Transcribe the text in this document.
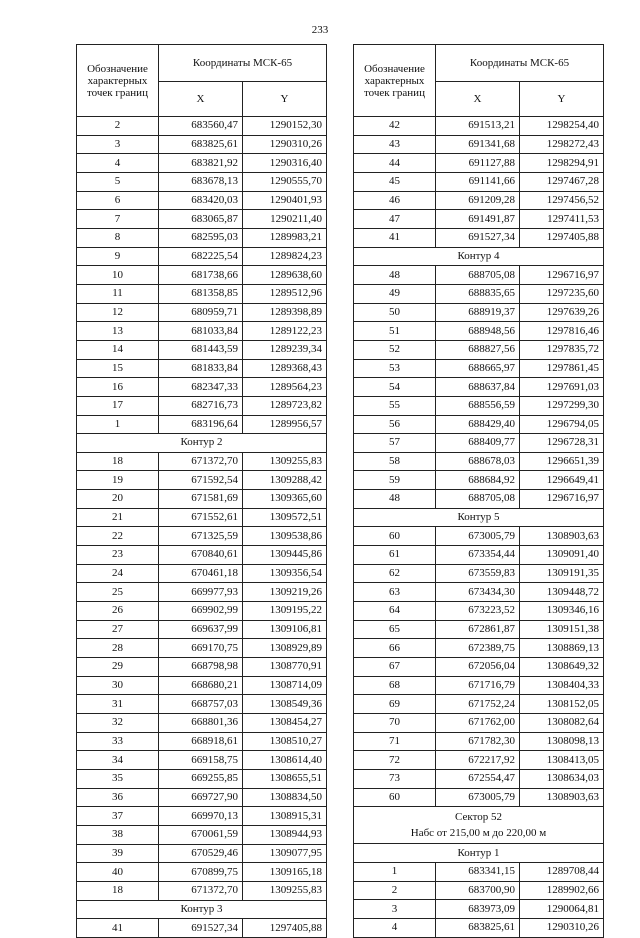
233
Обозначение характерных точек границ	Координаты МСК-65	
	X	Y
2	683560,47	1290152,30
3	683825,61	1290310,26
4	683821,92	1290316,40
5	683678,13	1290555,70
6	683420,03	1290401,93
7	683065,87	1290211,40
8	682595,03	1289983,21
9	682225,54	1289824,23
10	681738,66	1289638,60
11	681358,85	1289512,96
12	680959,71	1289398,89
13	681033,84	1289122,23
14	681443,59	1289239,34
15	681833,84	1289368,43
16	682347,33	1289564,23
17	682716,73	1289723,82
1	683196,64	1289956,57
Контур 2		
18	671372,70	1309255,83
19	671592,54	1309288,42
20	671581,69	1309365,60
21	671552,61	1309572,51
22	671325,59	1309538,86
23	670840,61	1309445,86
24	670461,18	1309356,54
25	669977,93	1309219,26
26	669902,99	1309195,22
27	669637,99	1309106,81
28	669170,75	1308929,89
29	668798,98	1308770,91
30	668680,21	1308714,09
31	668757,03	1308549,36
32	668801,36	1308454,27
33	668918,61	1308510,27
34	669158,75	1308614,40
35	669255,85	1308655,51
36	669727,90	1308834,50
37	669970,13	1308915,31
38	670061,59	1308944,93
39	670529,46	1309077,95
40	670899,75	1309165,18
18	671372,70	1309255,83
Контур 3		
41	691527,34	1297405,88
Обозначение характерных точек границ	Координаты МСК-65	
	X	Y
42	691513,21	1298254,40
43	691341,68	1298272,43
44	691127,88	1298294,91
45	691141,66	1297467,28
46	691209,28	1297456,52
47	691491,87	1297411,53
41	691527,34	1297405,88
Контур 4		
48	688705,08	1296716,97
49	688835,65	1297235,60
50	688919,37	1297639,26
51	688948,56	1297816,46
52	688827,56	1297835,72
53	688665,97	1297861,45
54	688637,84	1297691,03
55	688556,59	1297299,30
56	688429,40	1296794,05
57	688409,77	1296728,31
58	688678,03	1296651,39
59	688684,92	1296649,41
48	688705,08	1296716,97
Контур 5		
60	673005,79	1308903,63
61	673354,44	1309091,40
62	673559,83	1309191,35
63	673434,30	1309448,72
64	673223,52	1309346,16
65	672861,87	1309151,38
66	672389,75	1308869,13
67	672056,04	1308649,32
68	671716,79	1308404,33
69	671752,24	1308152,05
70	671762,00	1308082,64
71	671782,30	1308098,13
72	672217,92	1308413,05
73	672554,47	1308634,03
60	673005,79	1308903,63
Сектор 52
Набс от 215,00 м до 220,00 м		
Контур 1		
1	683341,15	1289708,44
2	683700,90	1289902,66
3	683973,09	1290064,81
4	683825,61	1290310,26
